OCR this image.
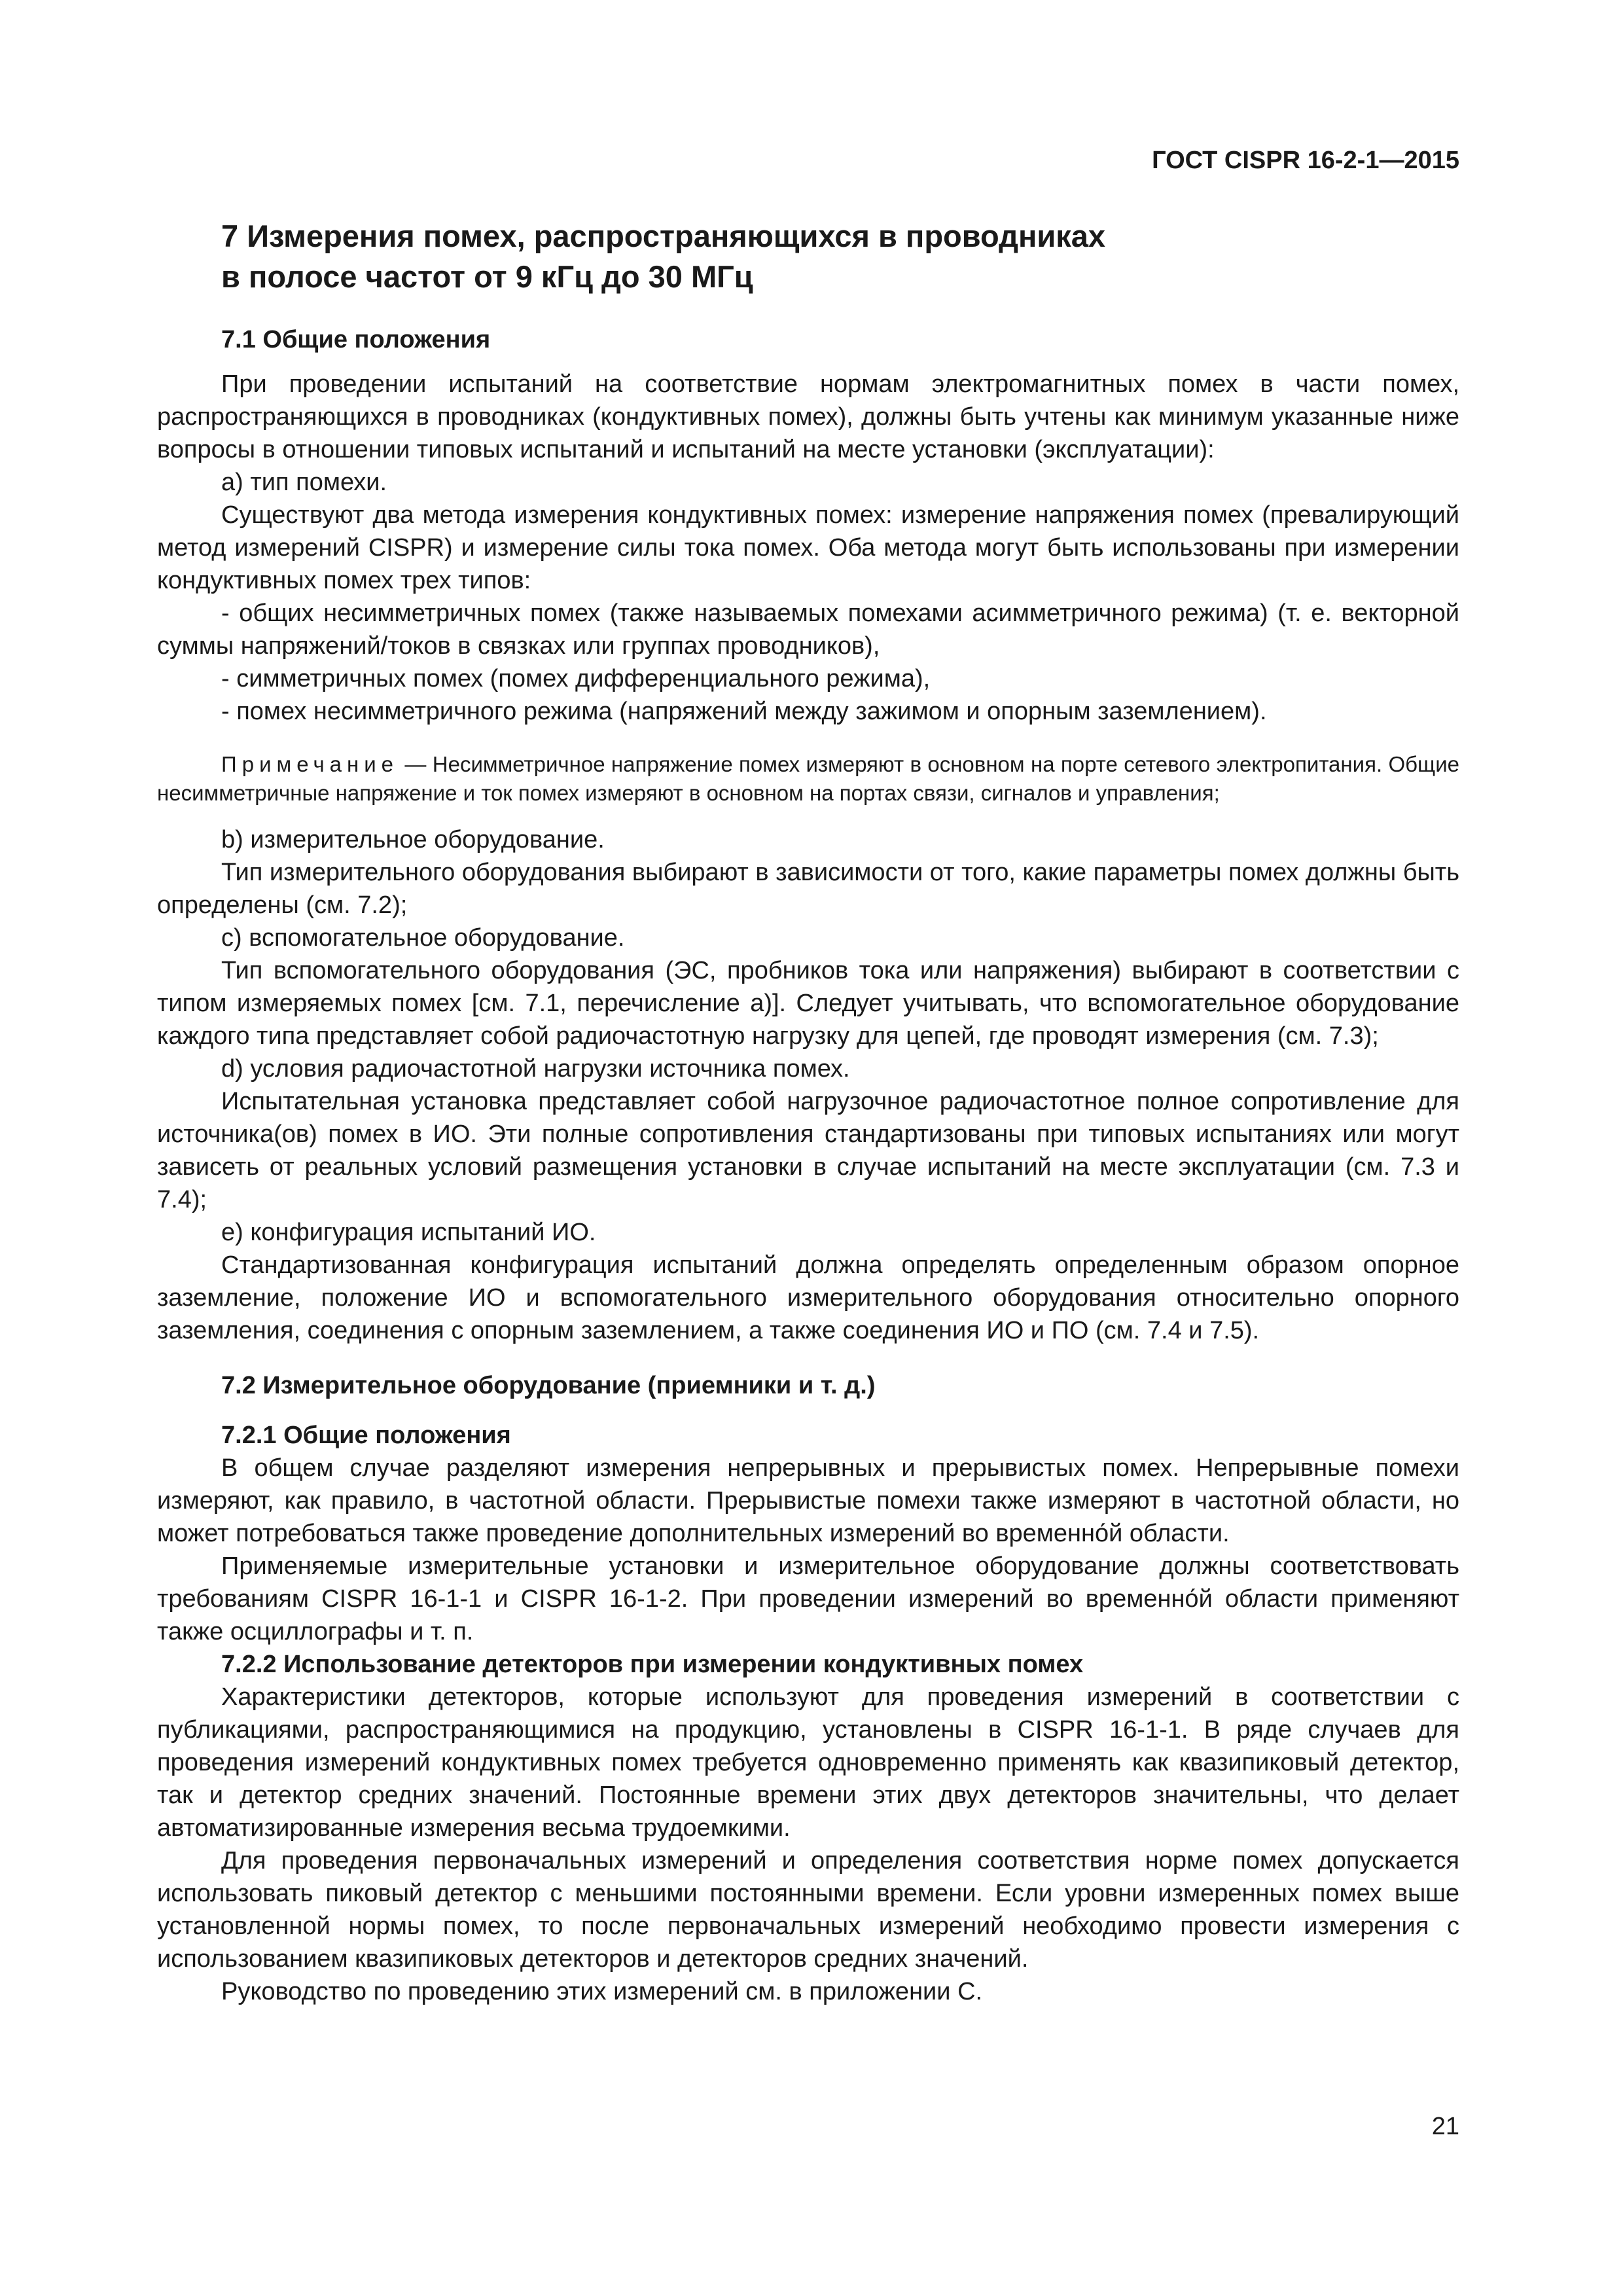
ГОСТ CISPR 16-2-1—2015
7 Измерения помех, распространяющихся в проводниках
в полосе частот от 9 кГц до 30 МГц
7.1 Общие положения

При проведении испытаний на соответствие нормам электромагнитных помех в части помех, распространяющихся в проводниках (кондуктивных помех), должны быть учтены как минимум указанные ниже вопросы в отношении типовых испытаний и испытаний на месте установки (эксплуатации):

а) тип помехи.

Существуют два метода измерения кондуктивных помех: измерение напряжения помех (превалирующий метод измерений CISPR) и измерение силы тока помех. Оба метода могут быть использованы при измерении кондуктивных помех трех типов:

- общих несимметричных помех (также называемых помехами асимметричного режима) (т. е. векторной суммы напряжений/токов в связках или группах проводников),

- симметричных помех (помех дифференциального режима),

- помех несимметричного режима (напряжений между зажимом и опорным заземлением).

Примечание — Несимметричное напряжение помех измеряют в основном на порте сетевого электропитания. Общие несимметричные напряжение и ток помех измеряют в основном на портах связи, сигналов и управления;

b) измерительное оборудование.

Тип измерительного оборудования выбирают в зависимости от того, какие параметры помех должны быть определены (см. 7.2);

с) вспомогательное оборудование.

Тип вспомогательного оборудования (ЭС, пробников тока или напряжения) выбирают в соответствии с типом измеряемых помех [см. 7.1, перечисление а)]. Следует учитывать, что вспомогательное оборудование каждого типа представляет собой радиочастотную нагрузку для цепей, где проводят измерения (см. 7.3);

d) условия радиочастотной нагрузки источника помех.

Испытательная установка представляет собой нагрузочное радиочастотное полное сопротивление для источника(ов) помех в ИО. Эти полные сопротивления стандартизованы при типовых испытаниях или могут зависеть от реальных условий размещения установки в случае испытаний на месте эксплуатации (см. 7.3 и 7.4);

е) конфигурация испытаний ИО.

Стандартизованная конфигурация испытаний должна определять определенным образом опорное заземление, положение ИО и вспомогательного измерительного оборудования относительно опорного заземления, соединения с опорным заземлением, а также соединения ИО и ПО (см. 7.4 и 7.5).

7.2 Измерительное оборудование (приемники и т. д.)
7.2.1 Общие положения

В общем случае разделяют измерения непрерывных и прерывистых помех. Непрерывные помехи измеряют, как правило, в частотной области. Прерывистые помехи также измеряют в частотной области, но может потребоваться также проведение дополнительных измерений во временно́й области.

Применяемые измерительные установки и измерительное оборудование должны соответствовать требованиям CISPR 16-1-1 и CISPR 16-1-2. При проведении измерений во временно́й области применяют также осциллографы и т. п.

7.2.2 Использование детекторов при измерении кондуктивных помех

Характеристики детекторов, которые используют для проведения измерений в соответствии с публикациями, распространяющимися на продукцию, установлены в CISPR 16-1-1. В ряде случаев для проведения измерений кондуктивных помех требуется одновременно применять как квазипиковый детектор, так и детектор средних значений. Постоянные времени этих двух детекторов значительны, что делает автоматизированные измерения весьма трудоемкими.

Для проведения первоначальных измерений и определения соответствия норме помех допускается использовать пиковый детектор с меньшими постоянными времени. Если уровни измеренных помех выше установленной нормы помех, то после первоначальных измерений необходимо провести измерения с использованием квазипиковых детекторов и детекторов средних значений.

Руководство по проведению этих измерений см. в приложении С.

21
